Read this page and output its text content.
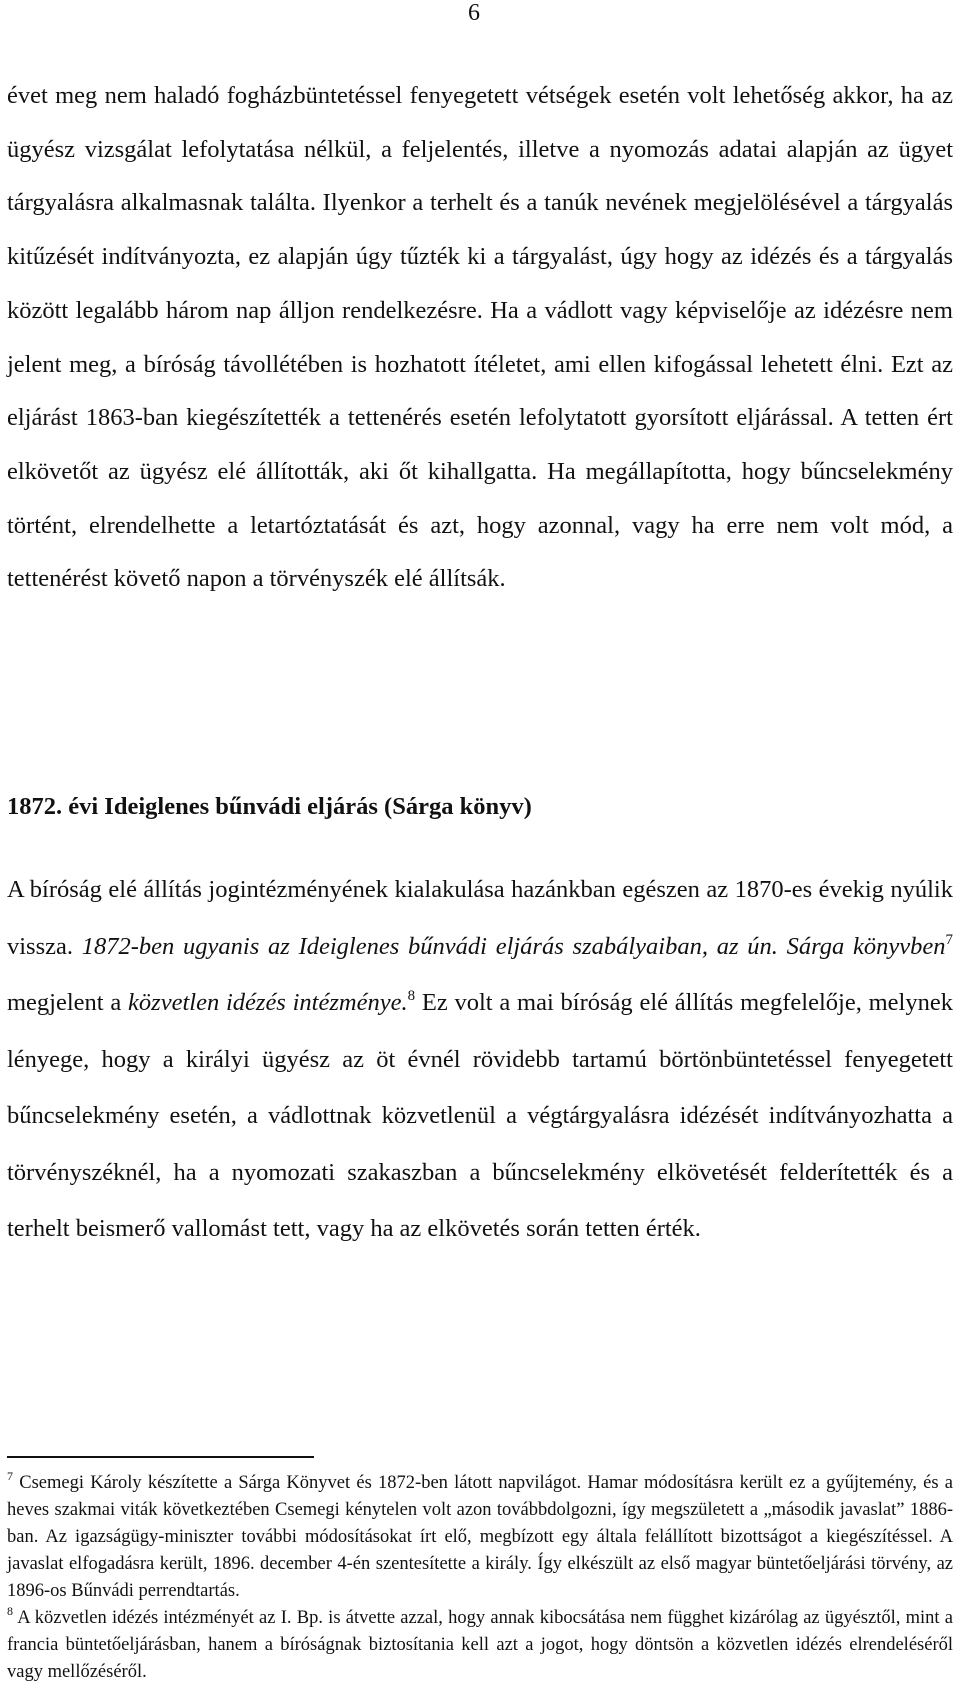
6
évet meg nem haladó fogházbüntetéssel fenyegetett vétségek esetén volt lehetőség akkor, ha az ügyész vizsgálat lefolytatása nélkül, a feljelentés, illetve a nyomozás adatai alapján az ügyet tárgyalásra alkalmasnak találta. Ilyenkor a terhelt és a tanúk nevének megjelölésével a tárgyalás kitűzését indítványozta, ez alapján úgy tűzték ki a tárgyalást, úgy hogy az idézés és a tárgyalás között legalább három nap álljon rendelkezésre. Ha a vádlott vagy képviselője az idézésre nem jelent meg, a bíróság távollétében is hozhatott ítéletet, ami ellen kifogással lehetett élni. Ezt az eljárást 1863-ban kiegészítették a tettenérés esetén lefolytatott gyorsított eljárással. A tetten ért elkövetőt az ügyész elé állították, aki őt kihallgatta. Ha megállapította, hogy bűncselekmény történt, elrendelhette a letartóztatását és azt, hogy azonnal, vagy ha erre nem volt mód, a tettenérést követő napon a törvényszék elé állítsák.
1872. évi Ideiglenes bűnvádi eljárás (Sárga könyv)
A bíróság elé állítás jogintézményének kialakulása hazánkban egészen az 1870-es évekig nyúlik vissza. 1872-ben ugyanis az Ideiglenes bűnvádi eljárás szabályaiban, az ún. Sárga könyvben$^7$ megjelent a közvetlen idézés intézménye.$^8$ Ez volt a mai bíróság elé állítás megfelelője, melynek lényege, hogy a királyi ügyész az öt évnél rövidebb tartamú börtönbüntetéssel fenyegetett bűncselekmény esetén, a vádlottnak közvetlenül a végtárgyalásra idézését indítványozhatta a törvényszéknél, ha a nyomozati szakaszban a bűncselekmény elkövetését felderítették és a terhelt beismerő vallomást tett, vagy ha az elkövetés során tetten érték.

$^7$ Csemegi Károly készítette a Sárga Könyvet és 1872-ben látott napvilágot. Hamar módosításra került ez a gyűjtemény, és a heves szakmai viták következtében Csemegi kénytelen volt azon továbbdolgozni, így megszületett a „második javaslat” 1886-ban. Az igazságügy-miniszter további módosításokat írt elő, megbízott egy általa felállított bizottságot a kiegészítéssel. A javaslat elfogadásra került, 1896. december 4-én szentesítette a király. Így elkészült az első magyar büntetőeljárási törvény, az 1896-os Bűnvádi perrendtartás.

$^8$ A közvetlen idézés intézményét az I. Bp. is átvette azzal, hogy annak kibocsátása nem függhet kizárólag az ügyésztől, mint a francia büntetőeljárásban, hanem a bíróságnak biztosítania kell azt a jogot, hogy döntsön a közvetlen idézés elrendeléséről vagy mellőzéséről.
